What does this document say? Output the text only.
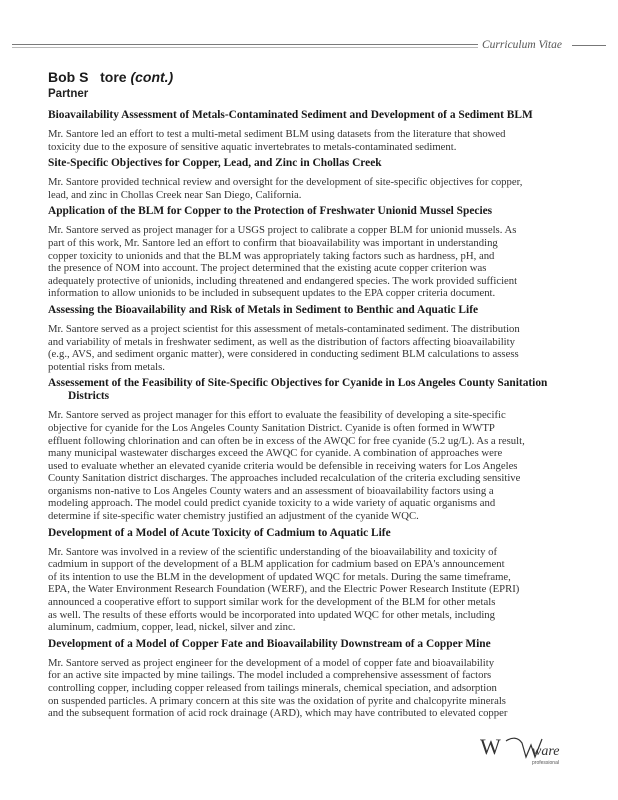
Curriculum Vitae
Bob S   tore (cont.)
Partner
Bioavailability Assessment of Metals-Contaminated Sediment and Development of a Sediment BLM

Mr. Santore led an effort to test a multi-metal sediment BLM using datasets from the literature that showed
toxicity due to the exposure of sensitive aquatic invertebrates to metals-contaminated sediment.

Site-Specific Objectives for Copper, Lead, and Zinc in Chollas Creek

Mr. Santore provided technical review and oversight for the development of site-specific objectives for copper,
lead, and zinc in Chollas Creek near San Diego, California.

Application of the BLM for Copper to the Protection of Freshwater Unionid Mussel Species

Mr. Santore served as project manager for a USGS project to calibrate a copper BLM for unionid mussels. As
part of this work, Mr. Santore led an effort to confirm that bioavailability was important in understanding
copper toxicity to unionids and that the BLM was appropriately taking factors such as hardness, pH, and
the presence of NOM into account. The project determined that the existing acute copper criterion was
adequately protective of unionids, including threatened and endangered species. The work provided sufficient
information to allow unionids to be included in subsequent updates to the EPA copper criteria document.

Assessing the Bioavailability and Risk of Metals in Sediment to Benthic and Aquatic Life

Mr. Santore served as a project scientist for this assessment of metals-contaminated sediment. The distribution
and variability of metals in freshwater sediment, as well as the distribution of factors affecting bioavailability
(e.g., AVS, and sediment organic matter), were considered in conducting sediment BLM calculations to assess
potential risks from metals.

Assessement of the Feasibility of Site-Specific Objectives for Cyanide in Los Angeles County Sanitation
Districts

Mr. Santore served as project manager for this effort to evaluate the feasibility of developing a site-specific
objective for cyanide for the Los Angeles County Sanitation District. Cyanide is often formed in WWTP
effluent following chlorination and can often be in excess of the AWQC for free cyanide (5.2 ug/L). As a result,
many municipal wastewater discharges exceed the AWQC for cyanide. A combination of approaches were
used to evaluate whether an elevated cyanide criteria would be defensible in receiving waters for Los Angeles
County Sanitation district discharges. The approaches included recalculation of the criteria excluding sensitive
organisms non-native to Los Angeles County waters and an assessment of bioavailability factors using a
modeling approach. The model could predict cyanide toxicity to a wide variety of aquatic organisms and
determine if site-specific water chemistry justified an adjustment of the cyanide WQC.

Development of a Model of Acute Toxicity of Cadmium to Aquatic Life

Mr. Santore was involved in a review of the scientific understanding of the bioavailability and toxicity of
cadmium in support of the development of a BLM application for cadmium based on EPA's announcement
of its intention to use the BLM in the development of updated WQC for metals. During the same timeframe,
EPA, the Water Environment Research Foundation (WERF), and the Electric Power Research Institute (EPRI)
announced a cooperative effort to support similar work for the development of the BLM for other metals
as well. The results of these efforts would be incorporated into updated WQC for other metals, including
aluminum, cadmium, copper, lead, nickel, silver and zinc.

Development of a Model of Copper Fate and Bioavailability Downstream of a Copper Mine

Mr. Santore served as project engineer for the development of a model of copper fate and bioavailability
for an active site impacted by mine tailings. The model included a comprehensive assessment of factors
controlling copper, including copper released from tailings minerals, chemical speciation, and adsorption
on suspended particles. A primary concern at this site was the oxidation of pyrite and chalcopyrite minerals
and the subsequent formation of acid rock drainage (ARD), which may have contributed to elevated copper

W ware
professional
